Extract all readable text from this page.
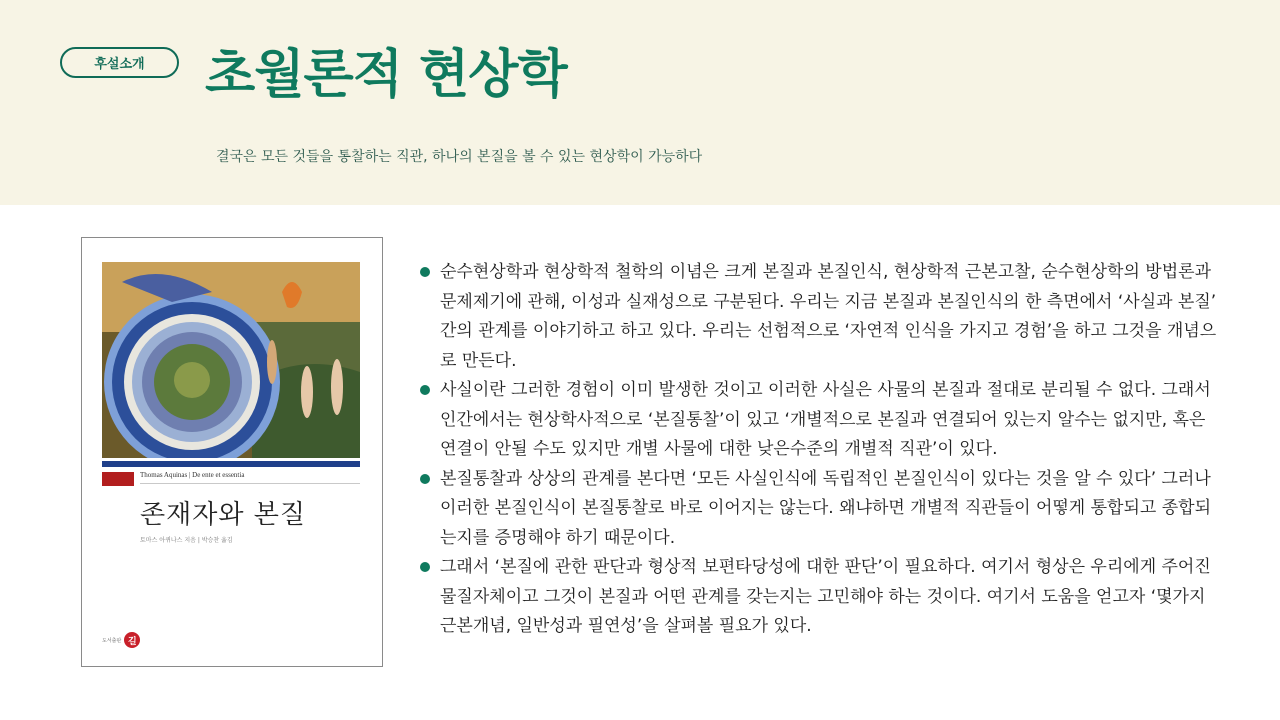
후설소개	초월론적 현상학
결국은 모든 것들을 통찰하는 직관, 하나의 본질을 볼 수 있는 현상학이 가능하다
Thomas Aquinas | De ente et essentia
존재자와 본질
토마스 아퀴나스 지음 | 박승찬 옮김
도서출판 길
순수현상학과 현상학적 철학의 이념은 크게 본질과 본질인식, 현상학적 근본고찰, 순수현상학의 방법론과 문제제기에 관해, 이성과 실재성으로 구분된다. 우리는 지금 본질과 본질인식의 한 측면에서 ‘사실과 본질’ 간의 관계를 이야기하고 하고 있다. 우리는 선험적으로 ‘자연적 인식을 가지고 경험’을 하고 그것을 개념으로 만든다.
사실이란 그러한 경험이 이미 발생한 것이고 이러한 사실은 사물의 본질과 절대로 분리될 수 없다. 그래서 인간에서는 현상학사적으로 ‘본질통찰’이 있고 ‘개별적으로 본질과 연결되어 있는지 알수는 없지만, 혹은 연결이 안될 수도 있지만 개별 사물에 대한 낮은수준의 개별적 직관’이 있다.
본질통찰과 상상의 관계를 본다면 ‘모든 사실인식에 독립적인 본질인식이 있다는 것을 알 수 있다’ 그러나 이러한 본질인식이 본질통찰로 바로 이어지는 않는다. 왜냐하면 개별적 직관들이 어떻게 통합되고 종합되는지를 증명해야 하기 때문이다.
그래서 ‘본질에 관한 판단과 형상적 보편타당성에 대한 판단’이 필요하다. 여기서 형상은 우리에게 주어진 물질자체이고 그것이 본질과 어떤 관계를 갖는지는 고민해야 하는 것이다. 여기서 도움을 얻고자 ‘몇가지 근본개념, 일반성과 필연성’을 살펴볼 필요가 있다.
